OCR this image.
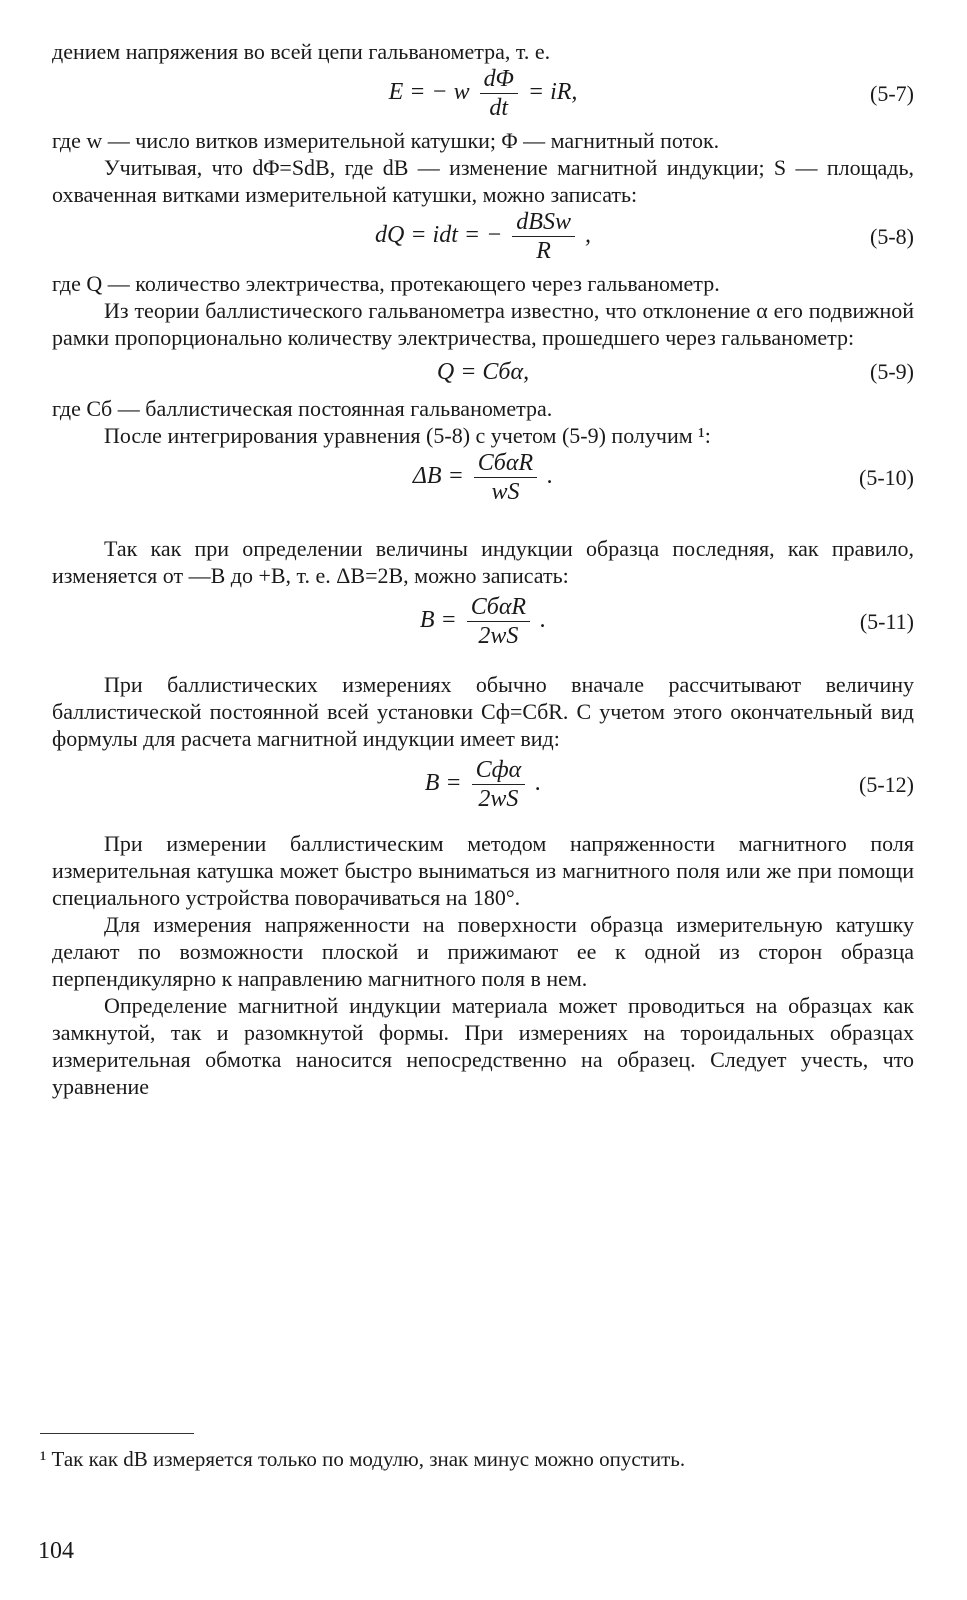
дением напряжения во всей цепи гальванометра, т. е.

E = − w $\frac{d\Phi}{dt}$ = iR,	(5-7)

где w — число витков измерительной катушки; Φ — магнитный поток.

Учитывая, что dΦ=SdB, где dB — изменение магнитной индукции; S — площадь, охваченная витками измерительной катушки, можно записать:

dQ = idt = − $\frac{\text{dBSw}}{R}$ ,	(5-8)

где Q — количество электричества, протекающего через гальванометр.

Из теории баллистического гальванометра известно, что отклонение α его подвижной рамки пропорционально количеству электричества, прошедшего через гальванометр:

Q = Cбα,	(5-9)

где Cб — баллистическая постоянная гальванометра.

После интегрирования уравнения (5-8) с учетом (5-9) получим ¹:

$\Delta B = \frac{\text{CбαR}}{wS}$ .	(5-10)

Так как при определении величины индукции образца последняя, как правило, изменяется от —B до +B, т. е. ΔB=2B, можно записать:

$B = \frac{\text{CбαR}}{2wS}$ .	(5-11)

При баллистических измерениях обычно вначале рассчитывают величину баллистической постоянной всей установки Cф=CбR. С учетом этого окончательный вид формулы для расчета магнитной индукции имеет вид:

$B = \frac{\text{Cфα}}{2wS}$ .	(5-12)

При измерении баллистическим методом напряженности магнитного поля измерительная катушка может быстро выниматься из магнитного поля или же при помощи специального устройства поворачиваться на 180°.

Для измерения напряженности на поверхности образца измерительную катушку делают по возможности плоской и прижимают ее к одной из сторон образца перпендикулярно к направлению магнитного поля в нем.

Определение магнитной индукции материала может проводиться на образцах как замкнутой, так и разомкнутой формы. При измерениях на тороидальных образцах измерительная обмотка наносится непосредственно на образец. Следует учесть, что уравнение

¹ Так как dB измеряется только по модулю, знак минус можно опустить.
104
